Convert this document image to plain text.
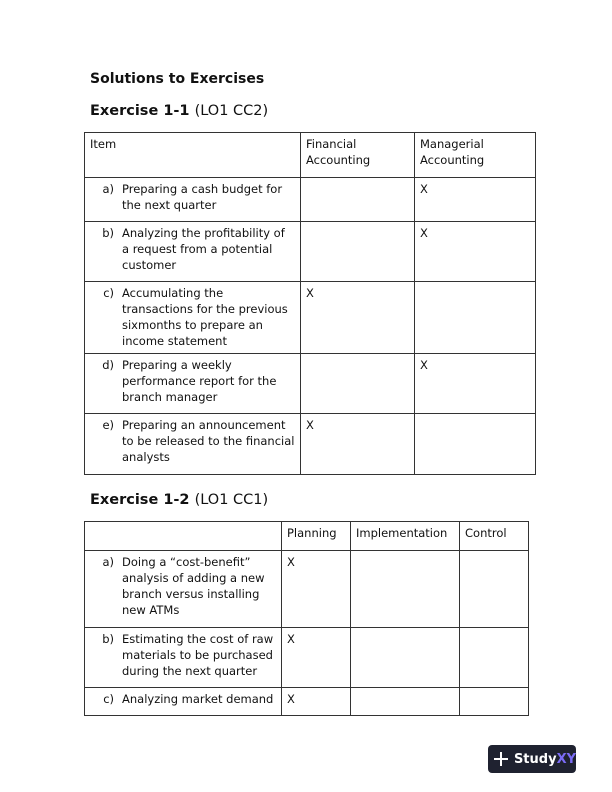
Solutions to Exercises
Exercise 1-1 (LO1 CC2)
Item	Financial Accounting	Managerial Accounting

a) Preparing a cash budget for the next quarter		X

b) Analyzing the profitability of a request from a potential customer		X

c) Accumulating the transactions for the previous sixmonths to prepare an income statement	X	

d) Preparing a weekly performance report for the branch manager		X

e) Preparing an announcement to be released to the financial analysts	X	
Exercise 1-2 (LO1 CC1)
	Planning	Implementation	Control

a) Doing a “cost-benefit” analysis of adding a new branch versus installing new ATMs	X		

b) Estimating the cost of raw materials to be purchased during the next quarter	X		

c) Analyzing market demand	X		
StudyXY
